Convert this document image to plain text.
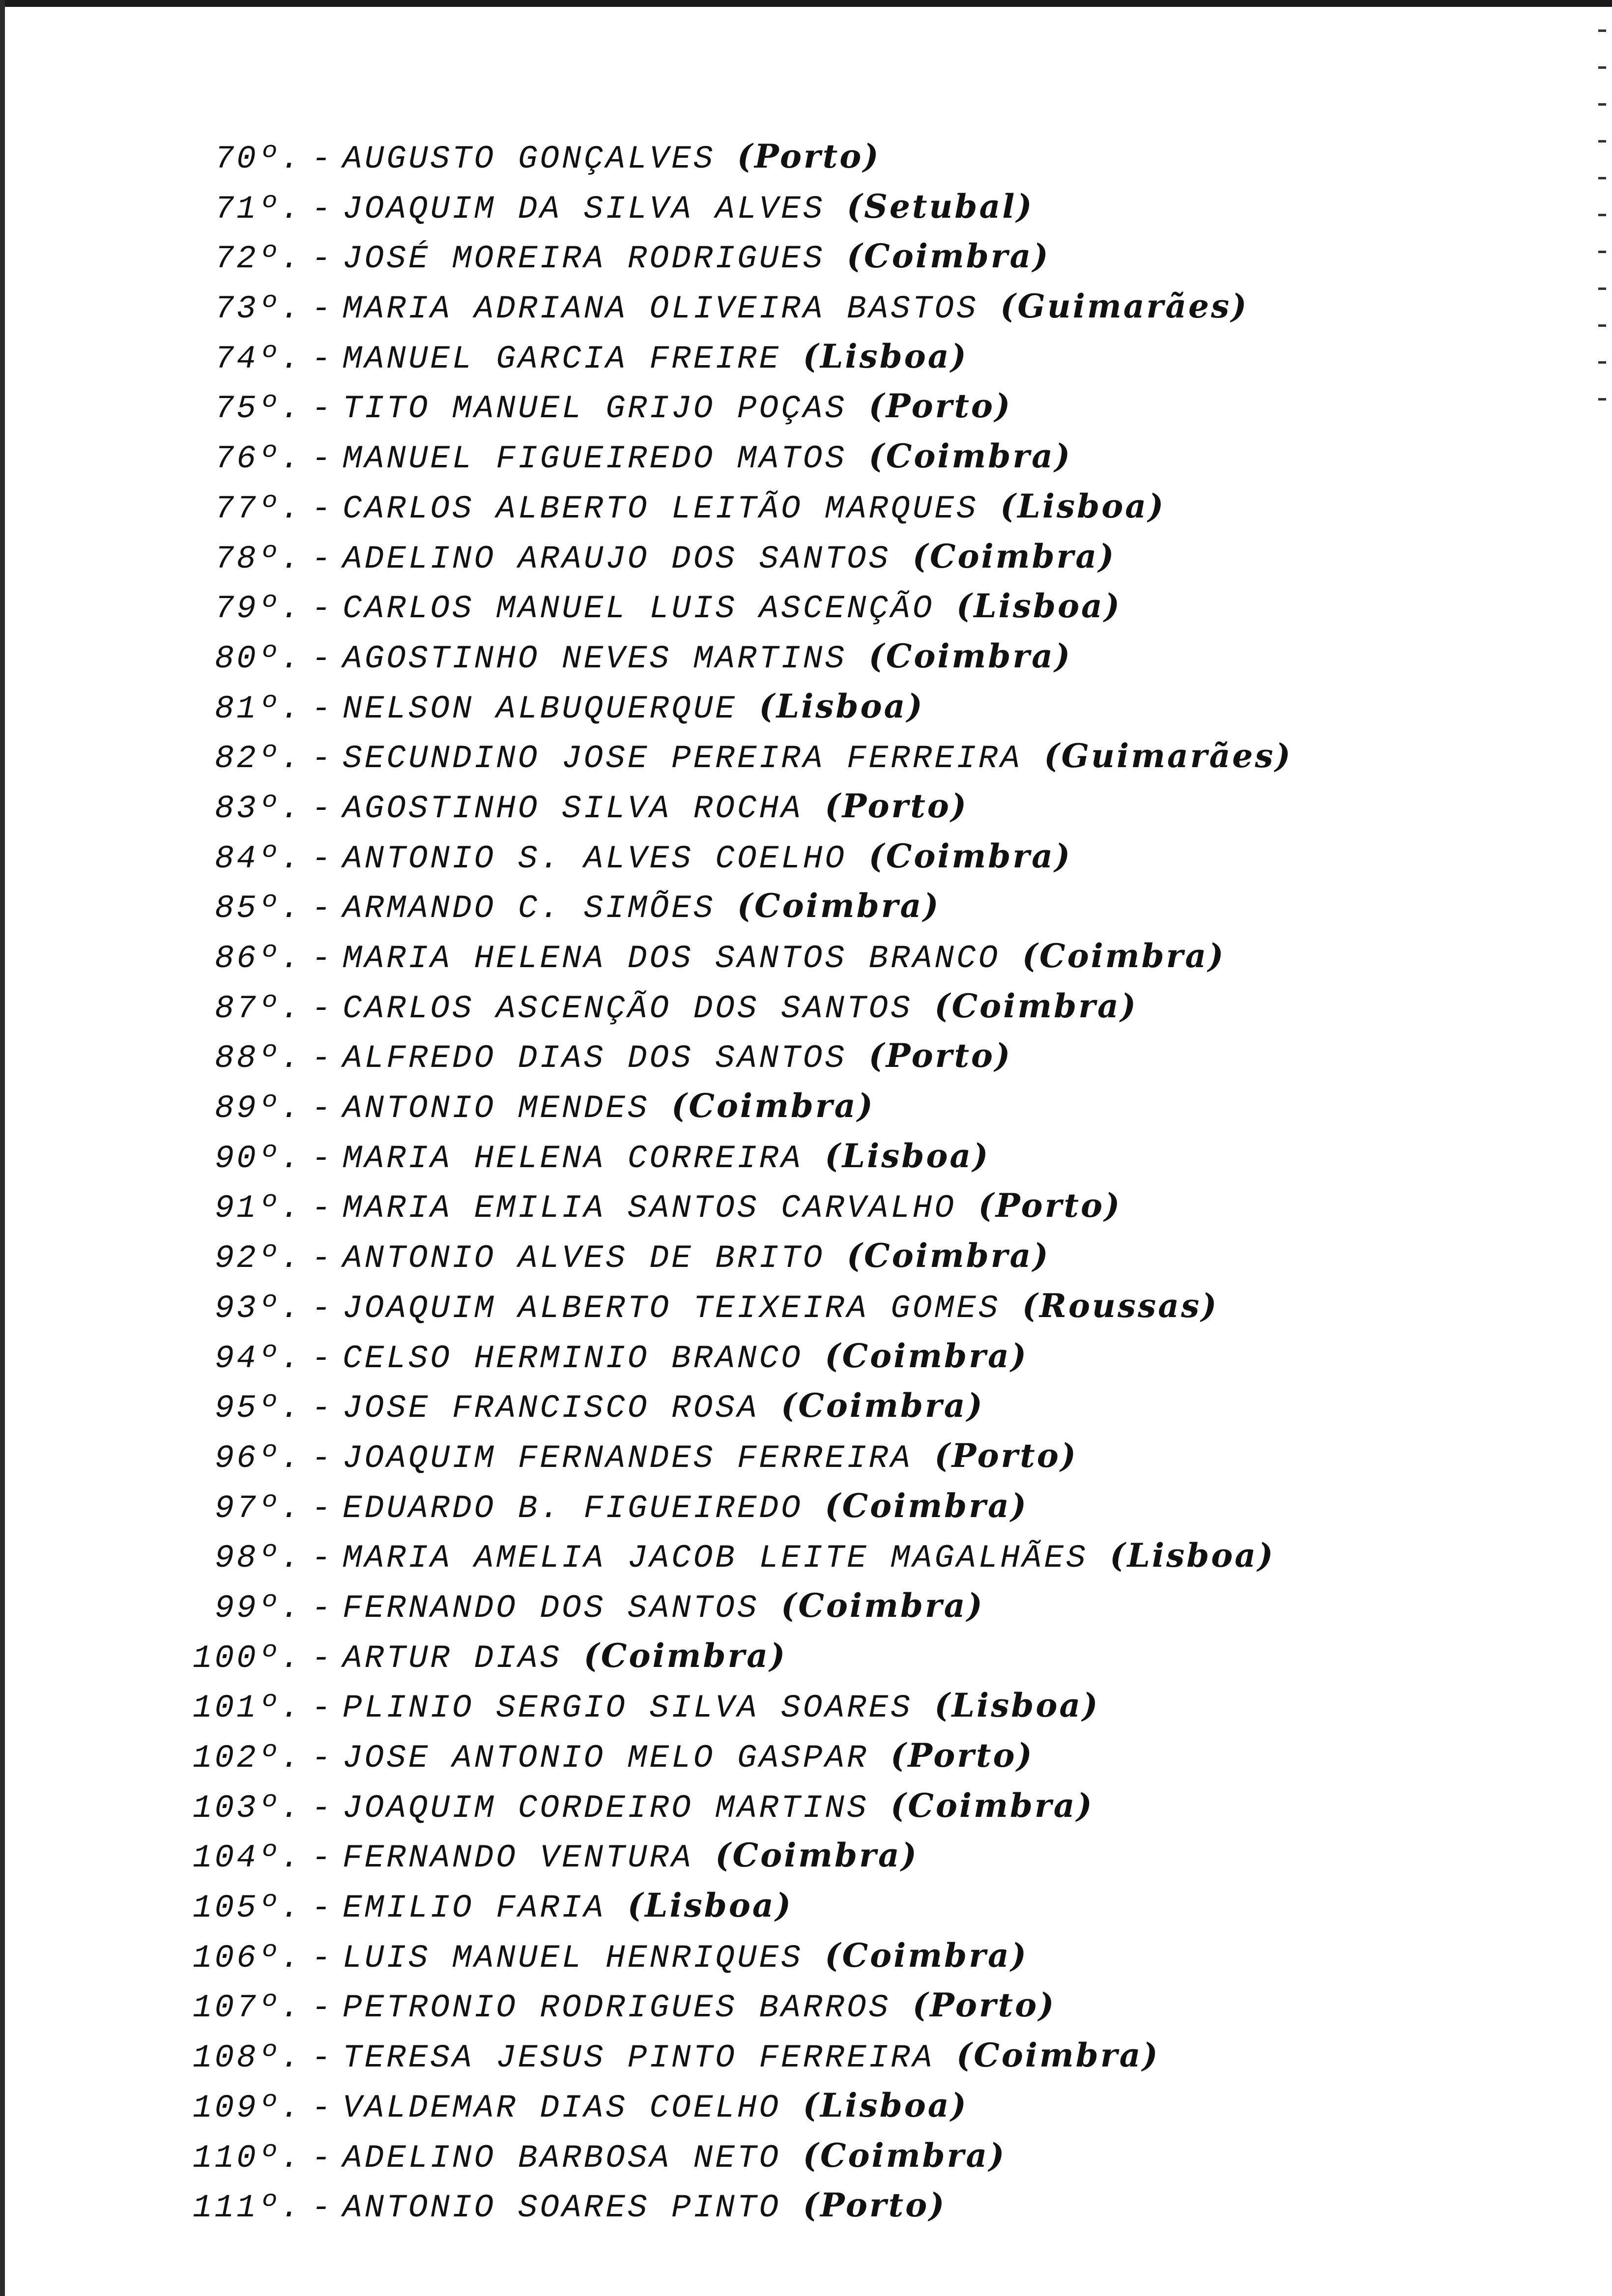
70º. - AUGUSTO GONÇALVES (Porto)
71º. - JOAQUIM DA SILVA ALVES (Setubal)
72º. - JOSÉ MOREIRA RODRIGUES (Coimbra)
73º. - MARIA ADRIANA OLIVEIRA BASTOS (Guimarães)
74º. - MANUEL GARCIA FREIRE (Lisboa)
75º. - TITO MANUEL GRIJO POÇAS (Porto)
76º. - MANUEL FIGUEIREDO MATOS (Coimbra)
77º. - CARLOS ALBERTO LEITÃO MARQUES (Lisboa)
78º. - ADELINO ARAUJO DOS SANTOS (Coimbra)
79º. - CARLOS MANUEL LUIS ASCENÇÃO (Lisboa)
80º. - AGOSTINHO NEVES MARTINS (Coimbra)
81º. - NELSON ALBUQUERQUE (Lisboa)
82º. - SECUNDINO JOSE PEREIRA FERREIRA (Guimarães)
83º. - AGOSTINHO SILVA ROCHA (Porto)
84º. - ANTONIO S. ALVES COELHO (Coimbra)
85º. - ARMANDO C. SIMÕES (Coimbra)
86º. - MARIA HELENA DOS SANTOS BRANCO (Coimbra)
87º. - CARLOS ASCENÇÃO DOS SANTOS (Coimbra)
88º. - ALFREDO DIAS DOS SANTOS (Porto)
89º. - ANTONIO MENDES (Coimbra)
90º. - MARIA HELENA CORREIRA (Lisboa)
91º. - MARIA EMILIA SANTOS CARVALHO (Porto)
92º. - ANTONIO ALVES DE BRITO (Coimbra)
93º. - JOAQUIM ALBERTO TEIXEIRA GOMES (Roussas)
94º. - CELSO HERMINIO BRANCO (Coimbra)
95º. - JOSE FRANCISCO ROSA (Coimbra)
96º. - JOAQUIM FERNANDES FERREIRA (Porto)
97º. - EDUARDO B. FIGUEIREDO (Coimbra)
98º. - MARIA AMELIA JACOB LEITE MAGALHÃES (Lisboa)
99º. - FERNANDO DOS SANTOS (Coimbra)
100º. - ARTUR DIAS (Coimbra)
101º. - PLINIO SERGIO SILVA SOARES (Lisboa)
102º. - JOSE ANTONIO MELO GASPAR (Porto)
103º. - JOAQUIM CORDEIRO MARTINS (Coimbra)
104º. - FERNANDO VENTURA (Coimbra)
105º. - EMILIO FARIA (Lisboa)
106º. - LUIS MANUEL HENRIQUES (Coimbra)
107º. - PETRONIO RODRIGUES BARROS (Porto)
108º. - TERESA JESUS PINTO FERREIRA (Coimbra)
109º. - VALDEMAR DIAS COELHO (Lisboa)
110º. - ADELINO BARBOSA NETO (Coimbra)
111º. - ANTONIO SOARES PINTO (Porto)
